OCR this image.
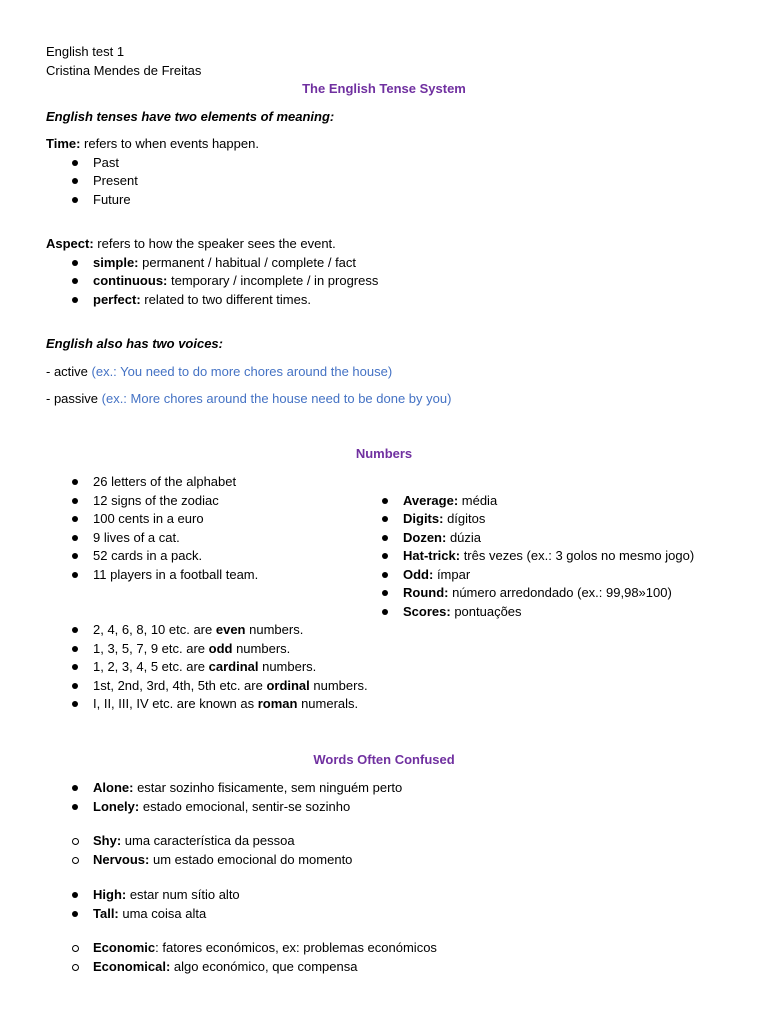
English test 1
Cristina Mendes de Freitas
The English Tense System
English tenses have two elements of meaning:
Time: refers to when events happen.
Past
Present
Future
Aspect: refers to how the speaker sees the event.
simple: permanent / habitual / complete / fact
continuous: temporary / incomplete / in progress
perfect: related to two different times.
English also has two voices:
- active (ex.: You need to do more chores around the house)
- passive (ex.: More chores around the house need to be done by you)
Numbers
26 letters of the alphabet
12 signs of the zodiac
100 cents in a euro
9 lives of a cat.
52 cards in a pack.
11 players in a football team.
Average: média
Digits: dígitos
Dozen: dúzia
Hat-trick: três vezes (ex.: 3 golos no mesmo jogo)
Odd: ímpar
Round: número arredondado (ex.: 99,98»100)
Scores: pontuações
2, 4, 6, 8, 10 etc. are even numbers.
1, 3, 5, 7, 9 etc. are odd numbers.
1, 2, 3, 4, 5 etc. are cardinal numbers.
1st, 2nd, 3rd, 4th, 5th etc. are ordinal numbers.
I, II, III, IV etc. are known as roman numerals.
Words Often Confused
Alone: estar sozinho fisicamente, sem ninguém perto
Lonely: estado emocional, sentir-se sozinho
Shy: uma característica da pessoa
Nervous: um estado emocional do momento
High: estar num sítio alto
Tall: uma coisa alta
Economic: fatores económicos, ex: problemas económicos
Economical: algo económico, que compensa
